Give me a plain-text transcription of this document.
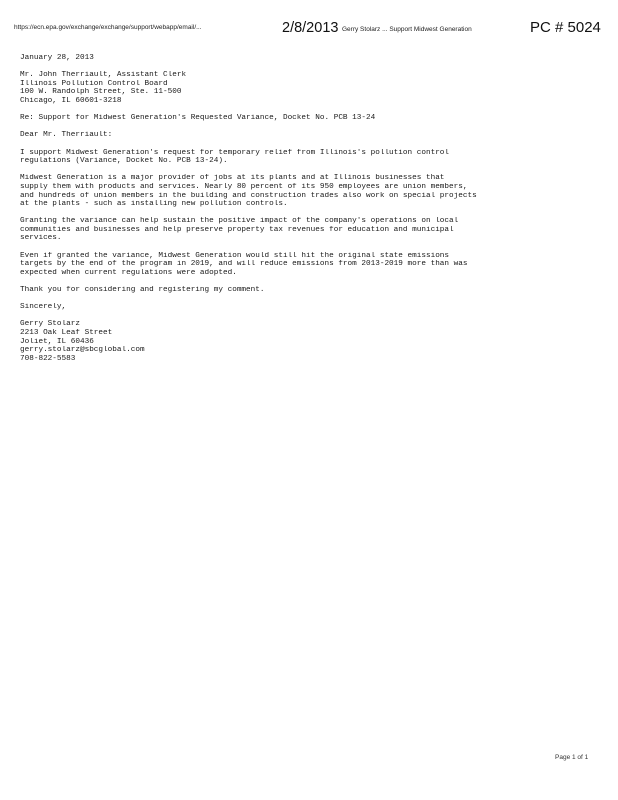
https://ecn.epa.gov/exchange/exchange/support/webapp/email/...	2/8/2013 Gerry Stolarz ... Support Midwest Generation	PC # 5024
January 28, 2013
Mr. John Therriault, Assistant Clerk
Illinois Pollution Control Board
100 W. Randolph Street, Ste. 11-500
Chicago, IL 60601-3218
Re: Support for Midwest Generation's Requested Variance, Docket No. PCB 13-24
Dear Mr. Therriault:
I support Midwest Generation's request for temporary relief from Illinois's pollution control
regulations (Variance, Docket No. PCB 13-24).
Midwest Generation is a major provider of jobs at its plants and at Illinois businesses that
supply them with products and services. Nearly 80 percent of its 950 employees are union members,
and hundreds of union members in the building and construction trades also work on special projects
at the plants - such as installing new pollution controls.
Granting the variance can help sustain the positive impact of the company's operations on local
communities and businesses and help preserve property tax revenues for education and municipal
services.
Even if granted the variance, Midwest Generation would still hit the original state emissions
targets by the end of the program in 2019, and will reduce emissions from 2013-2019 more than was
expected when current regulations were adopted.
Thank you for considering and registering my comment.
Sincerely,
Gerry Stolarz
2213 Oak Leaf Street
Joliet, IL 60436
gerry.stolarz@sbcglobal.com
708-822-5583
Page 1 of 1
